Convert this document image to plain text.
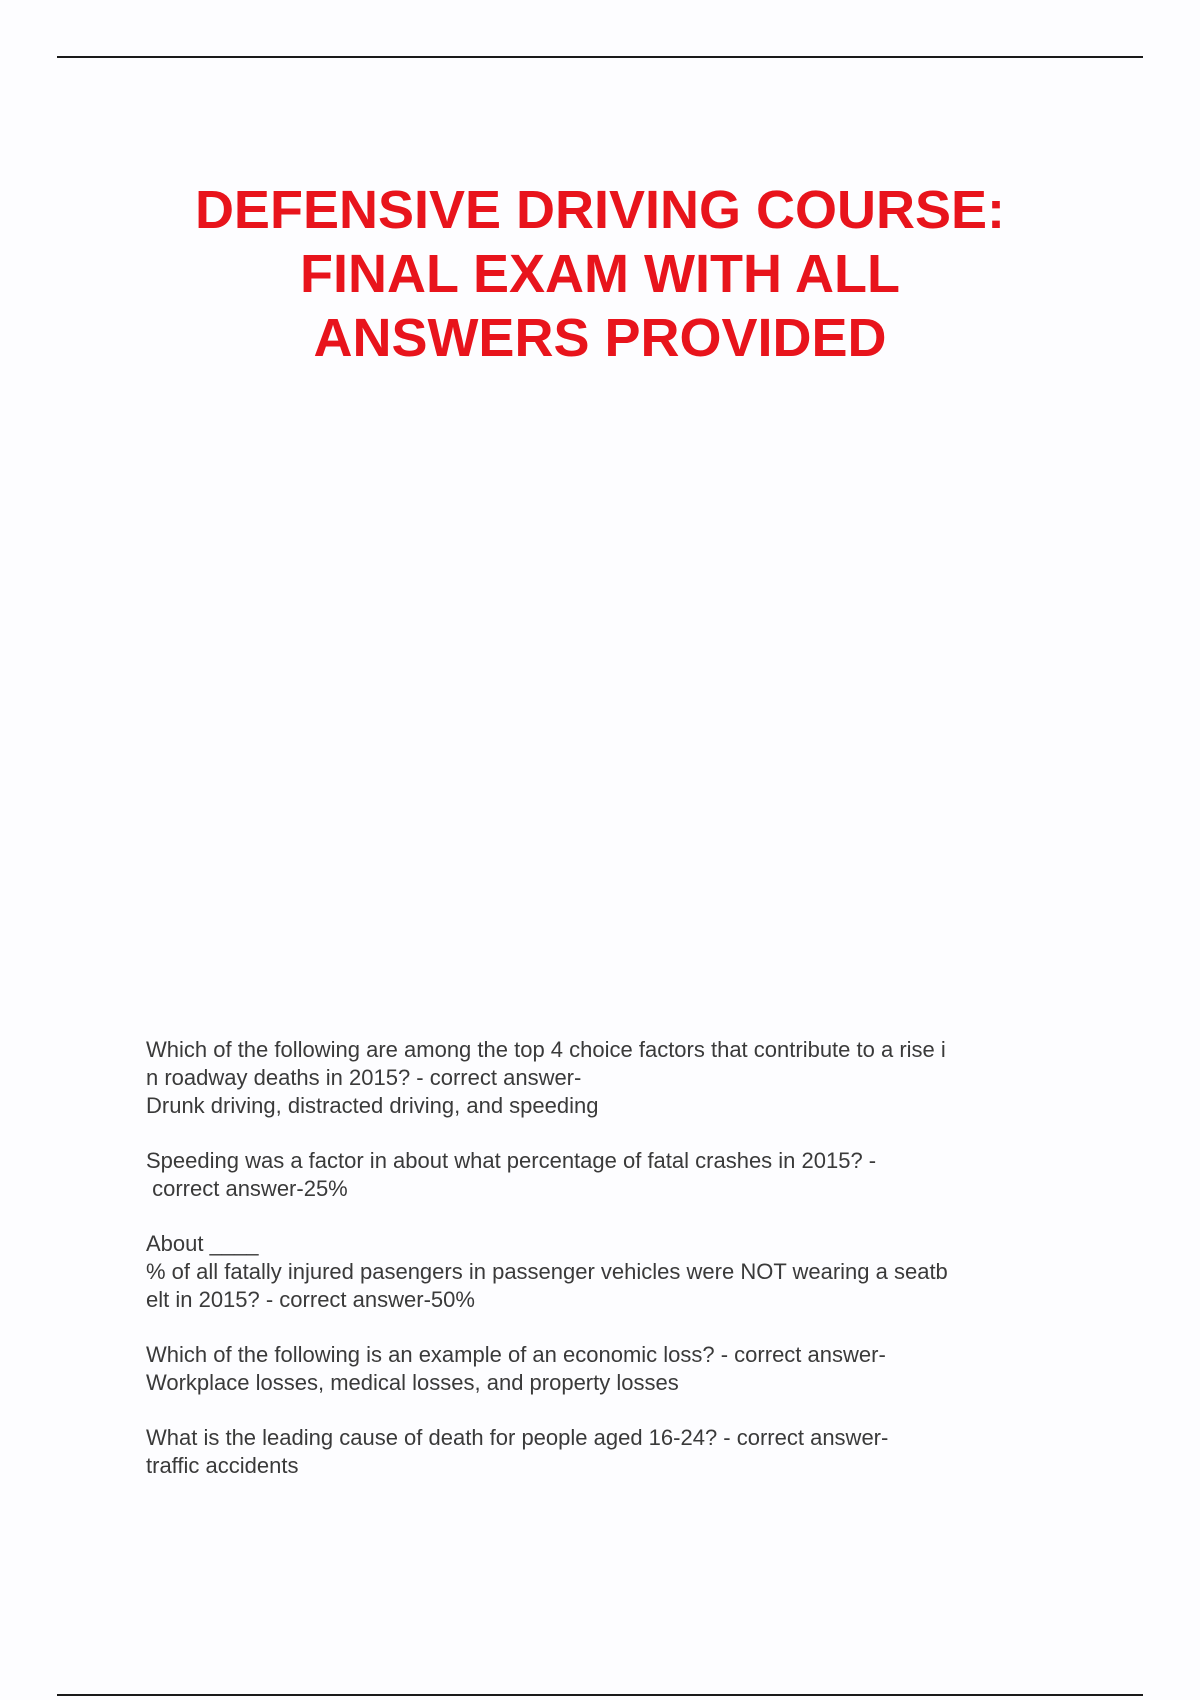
DEFENSIVE DRIVING COURSE:
FINAL EXAM WITH ALL
ANSWERS PROVIDED
Which of the following are among the top 4 choice factors that contribute to a rise i
n roadway deaths in 2015? - correct answer-
Drunk driving, distracted driving, and speeding
Speeding was a factor in about what percentage of fatal crashes in 2015? -
correct answer-25%
About ____
% of all fatally injured pasengers in passenger vehicles were NOT wearing a seatb
elt in 2015? - correct answer-50%
Which of the following is an example of an economic loss? - correct answer-
Workplace losses, medical losses, and property losses
What is the leading cause of death for people aged 16-24? - correct answer-
traffic accidents
